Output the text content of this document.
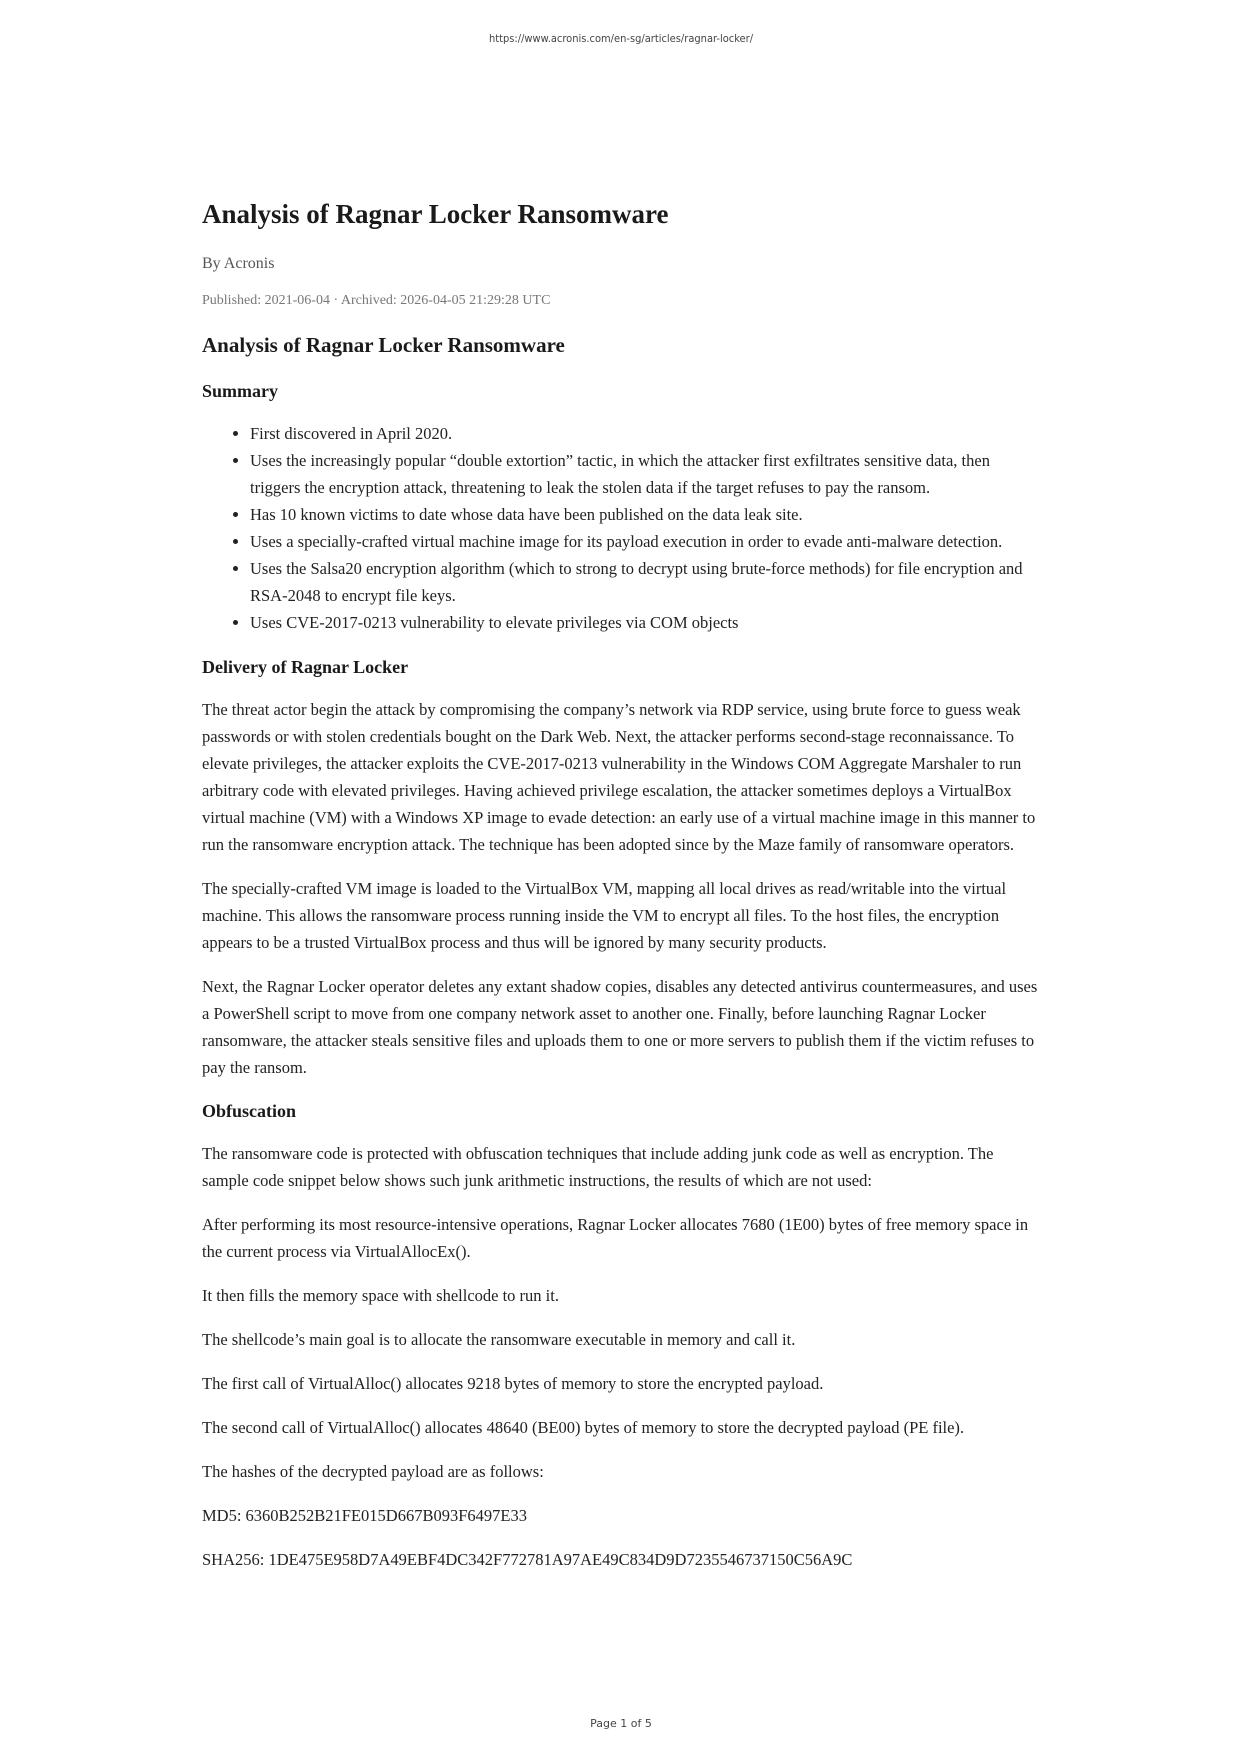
https://www.acronis.com/en-sg/articles/ragnar-locker/
Analysis of Ragnar Locker Ransomware
By Acronis
Published: 2021-06-04 · Archived: 2026-04-05 21:29:28 UTC
Analysis of Ragnar Locker Ransomware
Summary
• First discovered in April 2020.
• Uses the increasingly popular “double extortion” tactic, in which the attacker first exfiltrates sensitive data, then triggers the encryption attack, threatening to leak the stolen data if the target refuses to pay the ransom.
• Has 10 known victims to date whose data have been published on the data leak site.
• Uses a specially-crafted virtual machine image for its payload execution in order to evade anti-malware detection.
• Uses the Salsa20 encryption algorithm (which to strong to decrypt using brute-force methods) for file encryption and RSA-2048 to encrypt file keys.
• Uses CVE-2017-0213 vulnerability to elevate privileges via COM objects
Delivery of Ragnar Locker

The threat actor begin the attack by compromising the company’s network via RDP service, using brute force to guess weak passwords or with stolen credentials bought on the Dark Web. Next, the attacker performs second-stage reconnaissance. To elevate privileges, the attacker exploits the CVE-2017-0213 vulnerability in the Windows COM Aggregate Marshaler to run arbitrary code with elevated privileges. Having achieved privilege escalation, the attacker sometimes deploys a VirtualBox virtual machine (VM) with a Windows XP image to evade detection: an early use of a virtual machine image in this manner to run the ransomware encryption attack. The technique has been adopted since by the Maze family of ransomware operators.

The specially-crafted VM image is loaded to the VirtualBox VM, mapping all local drives as read/writable into the virtual machine. This allows the ransomware process running inside the VM to encrypt all files. To the host files, the encryption appears to be a trusted VirtualBox process and thus will be ignored by many security products.

Next, the Ragnar Locker operator deletes any extant shadow copies, disables any detected antivirus countermeasures, and uses a PowerShell script to move from one company network asset to another one. Finally, before launching Ragnar Locker ransomware, the attacker steals sensitive files and uploads them to one or more servers to publish them if the victim refuses to pay the ransom.

Obfuscation

The ransomware code is protected with obfuscation techniques that include adding junk code as well as encryption. The sample code snippet below shows such junk arithmetic instructions, the results of which are not used:

After performing its most resource-intensive operations, Ragnar Locker allocates 7680 (1E00) bytes of free memory space in the current process via VirtualAllocEx().

It then fills the memory space with shellcode to run it.

The shellcode’s main goal is to allocate the ransomware executable in memory and call it.

The first call of VirtualAlloc() allocates 9218 bytes of memory to store the encrypted payload.

The second call of VirtualAlloc() allocates 48640 (BE00) bytes of memory to store the decrypted payload (PE file).

The hashes of the decrypted payload are as follows:

MD5: 6360B252B21FE015D667B093F6497E33

SHA256: 1DE475E958D7A49EBF4DC342F772781A97AE49C834D9D7235546737150C56A9C

Page 1 of 5
